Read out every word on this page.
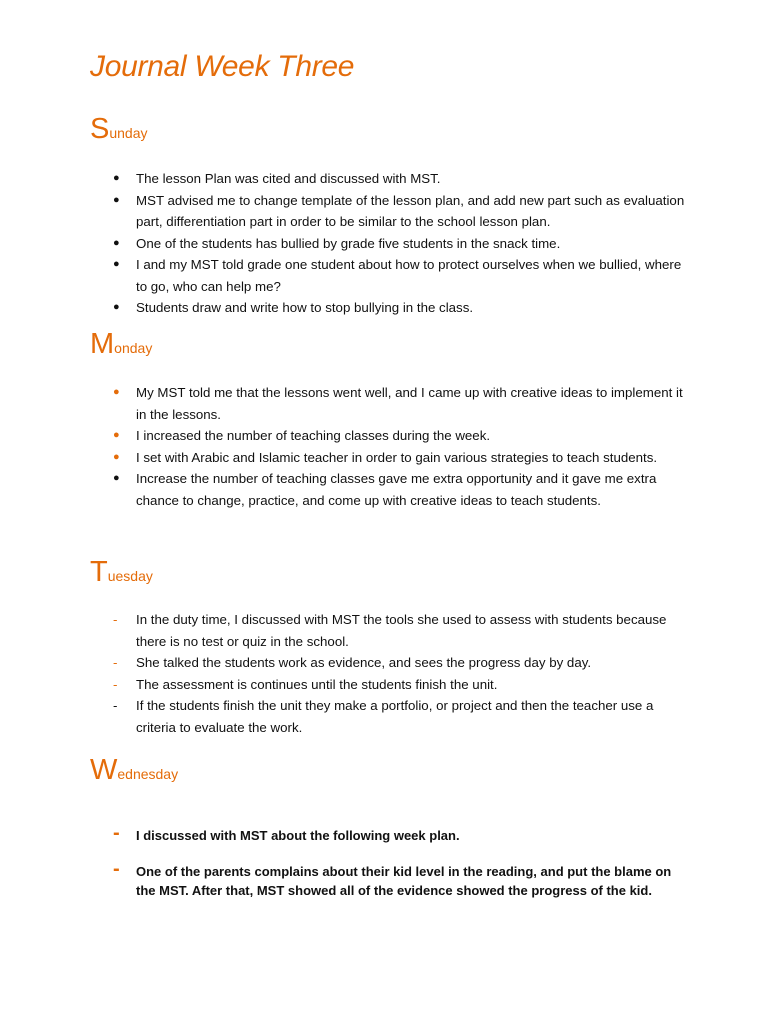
Journal Week Three
Sunday
●	The lesson Plan was cited and discussed with MST.
●	MST advised me to change template of the lesson plan, and add new part such as evaluation part, differentiation part in order to be similar to the school lesson plan.
●	One of the students has bullied by grade five students in the snack time.
●	I and my MST told grade one student about how to protect ourselves when we bullied, where to go, who can help me?
●	Students draw and write how to stop bullying in the class.
Monday
●	My MST told me that the lessons went well, and I came up with creative ideas to implement it in the lessons.
●	I increased the number of teaching classes during the week.
●	I set with Arabic and Islamic teacher in order to gain various strategies to teach students.
●	Increase the number of teaching classes gave me extra opportunity and it gave me extra chance to change, practice, and come up with creative ideas to teach students.
Tuesday
-	In the duty time, I discussed with MST the tools she used to assess with students because there is no test or quiz in the school.
-	She talked the students work as evidence, and sees the progress day by day.
-	The assessment is continues until the students finish the unit.
-	If the students finish the unit they make a portfolio, or project and then the teacher use a criteria to evaluate the work.
Wednesday
-	I discussed with MST about the following week plan.
-	One of the parents complains about their kid level in the reading, and put the blame on the MST. After that, MST showed all of the evidence showed the progress of the kid.
